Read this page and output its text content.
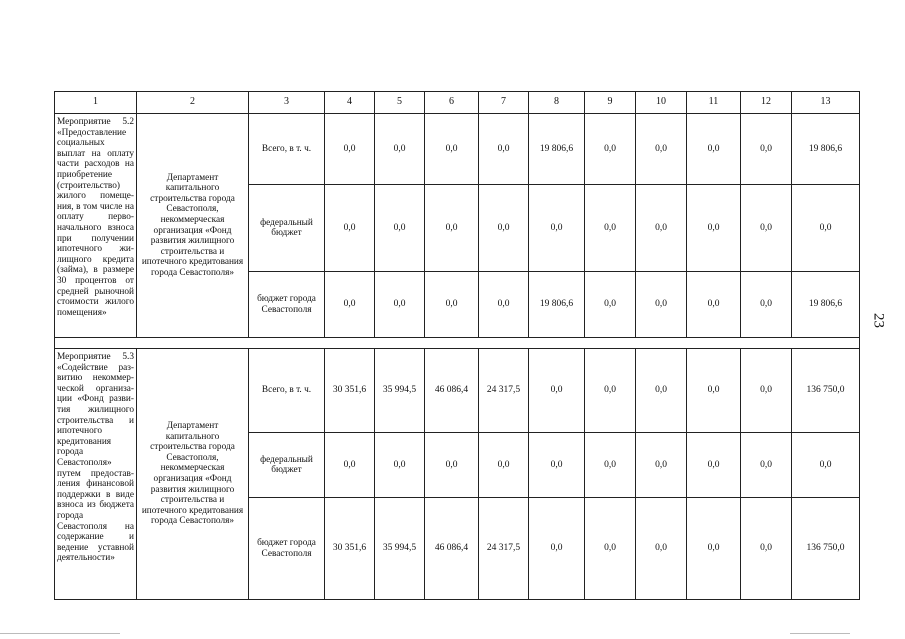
23
1	2	3	4	5	6	7	8	9	10	11	12	13
Мероприятие 5.2 «Предоставление социальных выплат на оплату части расходов на приобретение (строительство) жилого помеще-ния, в том числе на оплату перво-начального взноса при получении ипотечного жи-лищного кредита (займа), в размере 30 процентов от средней рыночной стоимости жилого помещения»	Департамент капитального строительства города Севастополя, некоммерческая организация «Фонд развития жилищного строительства и ипотечного кредитования города Севастополя»	Всего, в т. ч.	0,0	0,0	0,0	0,0	19 806,6	0,0	0,0	0,0	0,0	19 806,6
		федеральный бюджет	0,0	0,0	0,0	0,0	0,0	0,0	0,0	0,0	0,0	0,0
		бюджет города Севастополя	0,0	0,0	0,0	0,0	19 806,6	0,0	0,0	0,0	0,0	19 806,6

Мероприятие 5.3 «Содействие раз-витию некоммер-ческой организа-ции «Фонд разви-тия жилищного строительства и ипотечного кредитования города Севастополя» путем предостав-ления финансовой поддержки в виде взноса из бюджета города Севастополя на содержание и ведение уставной деятельности»	Департамент капитального строительства города Севастополя, некоммерческая организация «Фонд развития жилищного строительства и ипотечного кредитования города Севастополя»	Всего, в т. ч.	30 351,6	35 994,5	46 086,4	24 317,5	0,0	0,0	0,0	0,0	0,0	136 750,0
		федеральный бюджет	0,0	0,0	0,0	0,0	0,0	0,0	0,0	0,0	0,0	0,0
		бюджет города Севастополя	30 351,6	35 994,5	46 086,4	24 317,5	0,0	0,0	0,0	0,0	0,0	136 750,0
